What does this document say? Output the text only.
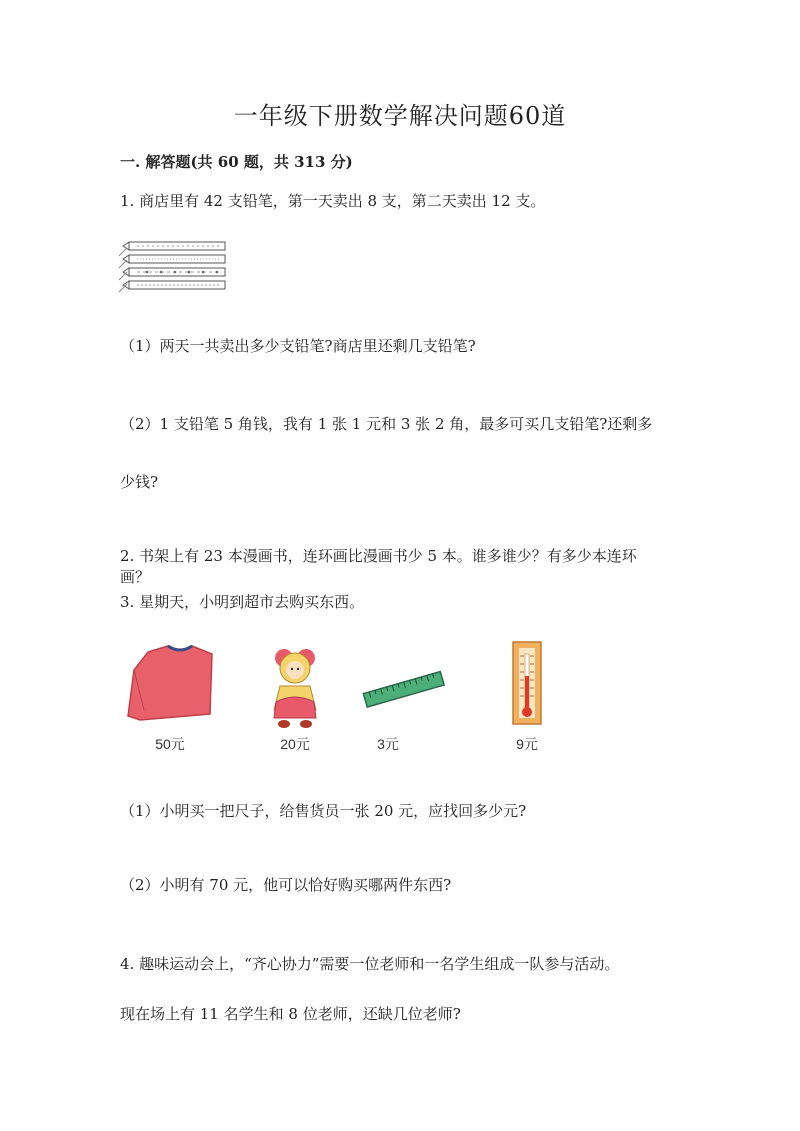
一年级下册数学解决问题60道

一. 解答题(共 60 题，共 313 分)

1. 商店里有 42 支铅笔，第一天卖出 8 支，第二天卖出 12 支。

（1）两天一共卖出多少支铅笔?商店里还剩几支铅笔?

（2）1 支铅笔 5 角钱，我有 1 张 1 元和 3 张 2 角，最多可买几支铅笔?还剩多

少钱?

2. 书架上有 23 本漫画书，连环画比漫画书少 5 本。谁多谁少？有多少本连环

画？

3. 星期天，小明到超市去购买东西。

50元	20元	3元	9元

（1）小明买一把尺子，给售货员一张 20 元，应找回多少元?

（2）小明有 70 元，他可以恰好购买哪两件东西?

4. 趣味运动会上，“齐心协力”需要一位老师和一名学生组成一队参与活动。

现在场上有 11 名学生和 8 位老师，还缺几位老师?
